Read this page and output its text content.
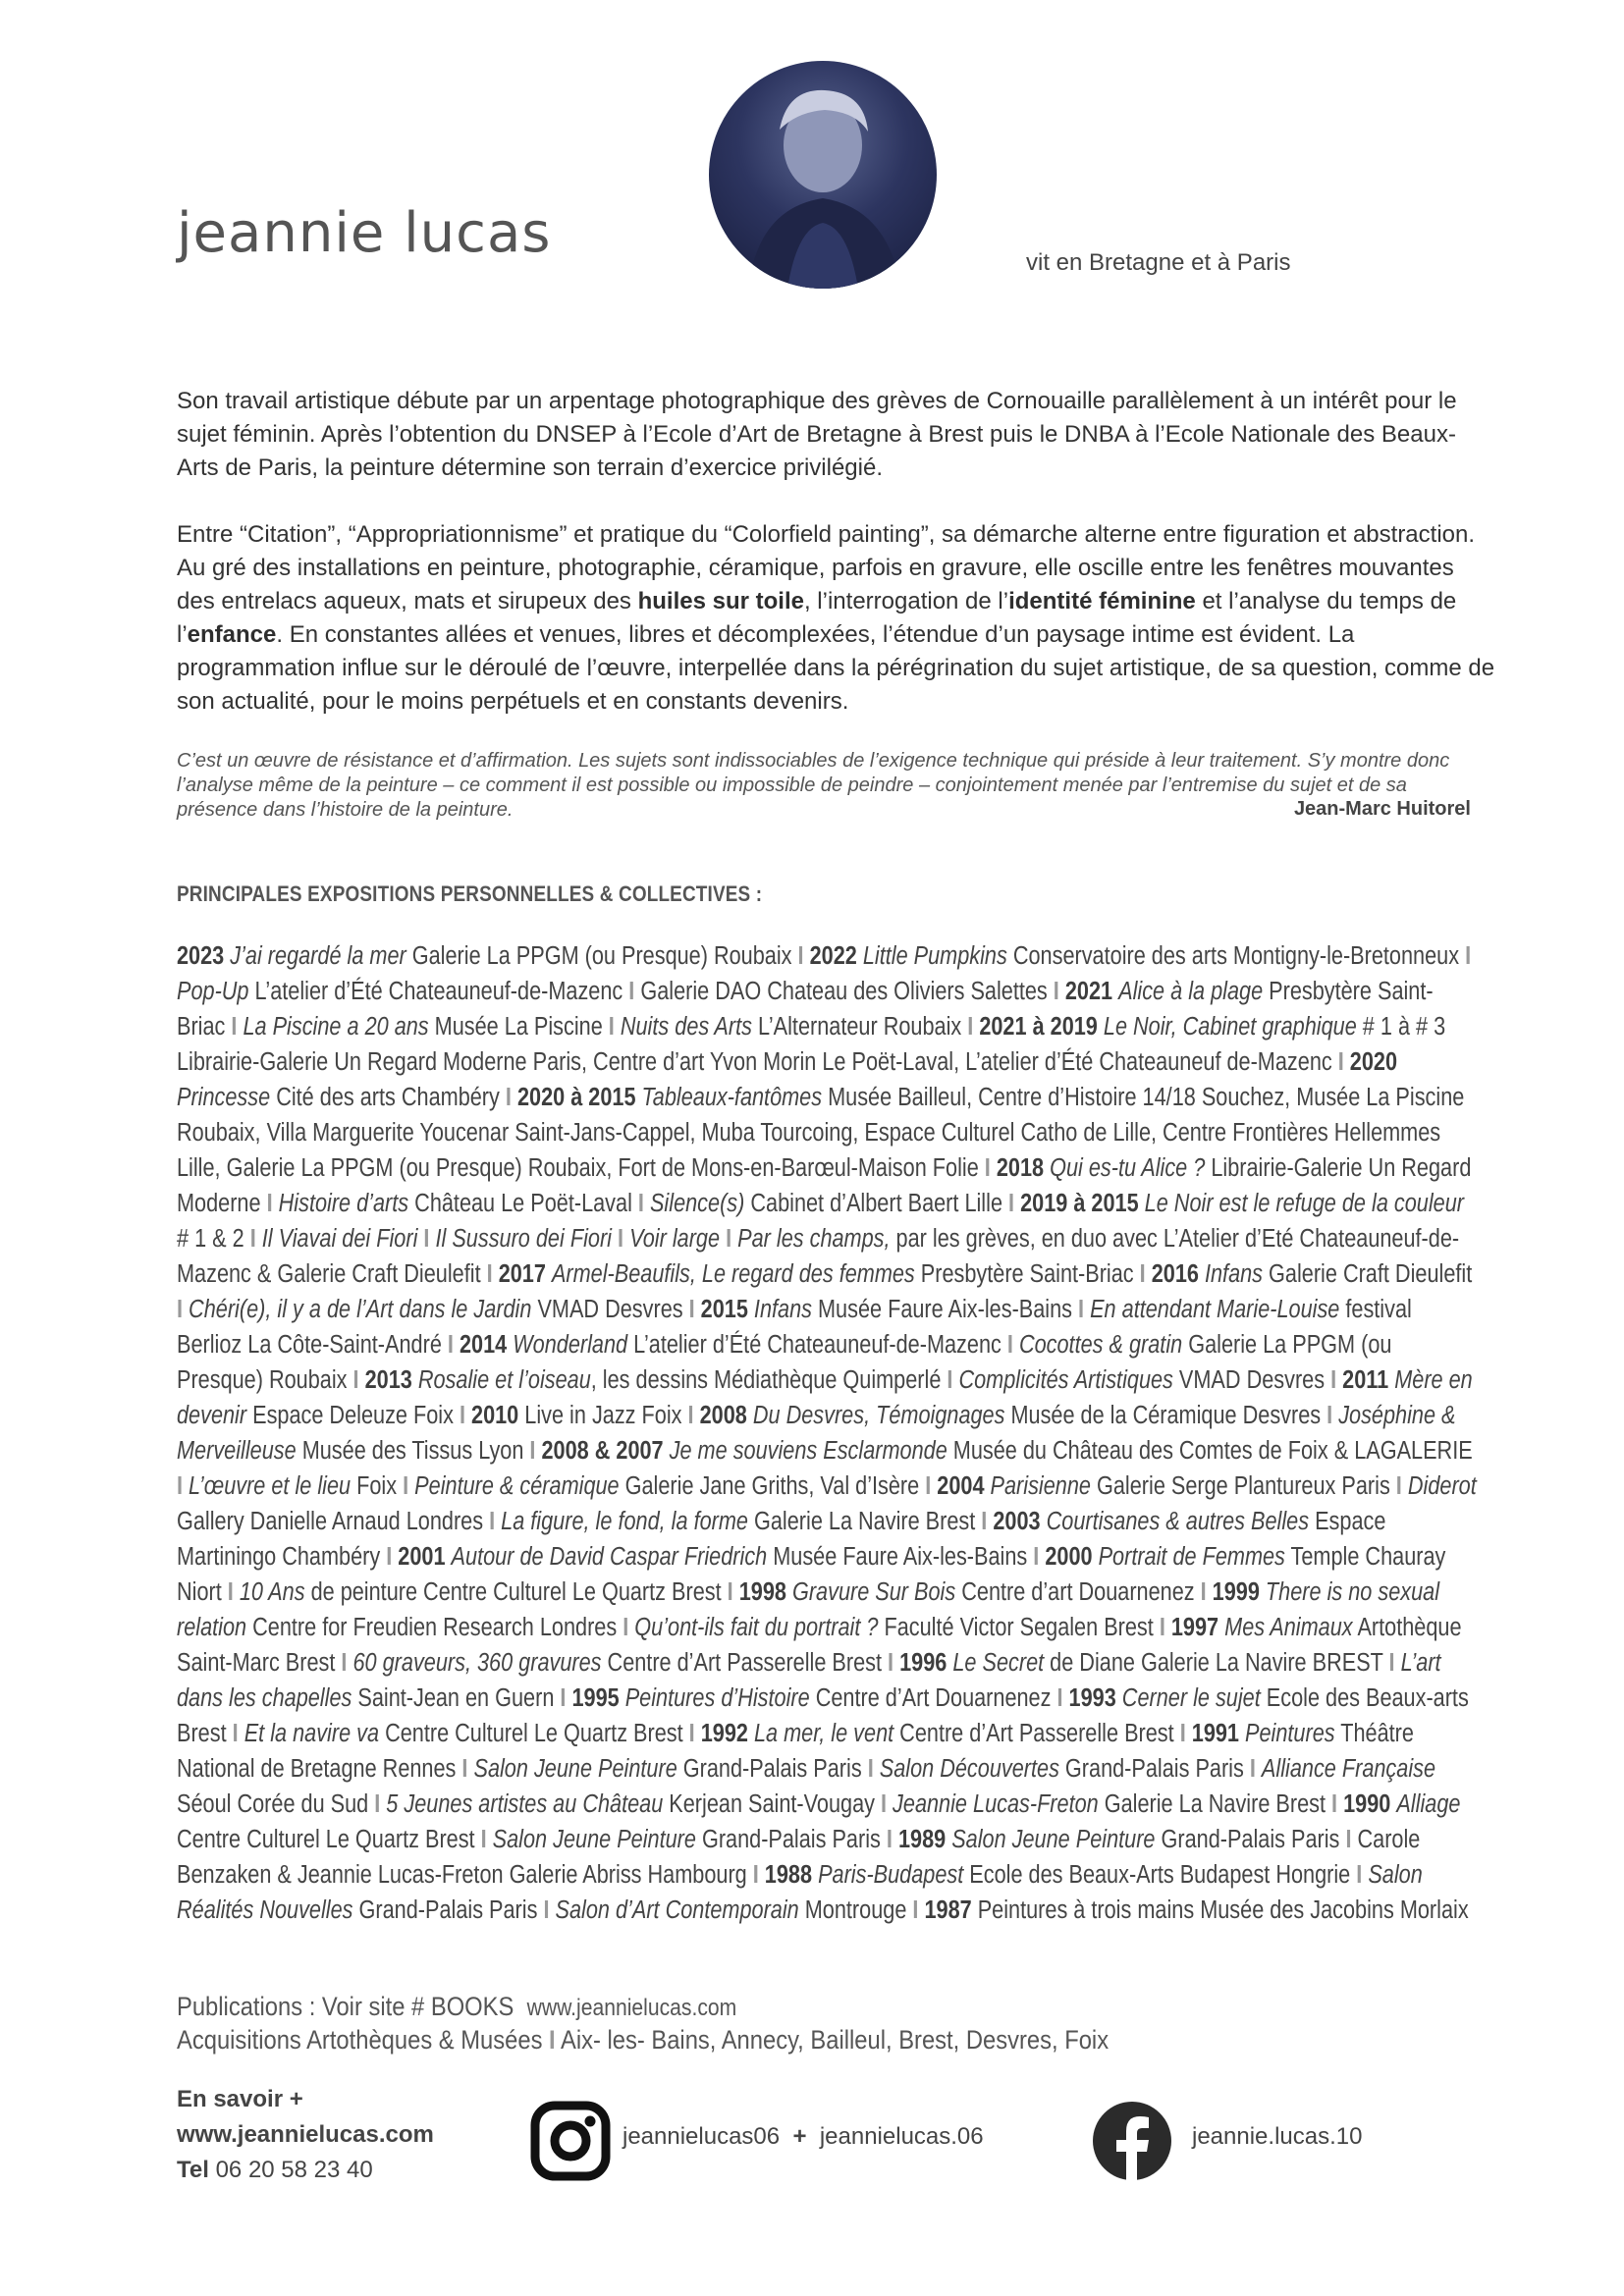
jeannie lucas	vit en Bretagne et à Paris

Son travail artistique débute par un arpentage photographique des grèves de Cornouaille parallèlement à un intérêt pour le sujet féminin. Après l’obtention du DNSEP à l’Ecole d’Art de Bretagne à Brest puis le DNBA à l’Ecole Nationale des Beaux-Arts de Paris, la peinture détermine son terrain d’exercice privilégié.

Entre “Citation”, “Appropriationnisme” et pratique du “Colorfield painting”, sa démarche alterne entre figuration et abstraction. Au gré des installations en peinture, photographie, céramique, parfois en gravure, elle oscille entre les fenêtres mouvantes des entrelacs aqueux, mats et sirupeux des huiles sur toile, l’interrogation de l’identité féminine et l’analyse du temps de l’enfance. En constantes allées et venues, libres et décomplexées, l’étendue d’un paysage intime est évident. La programmation influe sur le déroulé de l’œuvre, interpellée dans la pérégrination du sujet artistique, de sa question, comme de son actualité, pour le moins perpétuels et en constants devenirs.

C’est un œuvre de résistance et d’affirmation. Les sujets sont indissociables de l’exigence technique qui préside à leur traitement. S’y montre donc l’analyse même de la peinture – ce comment il est possible ou impossible de peindre – conjointement menée par l’entremise du sujet et de sa présence dans l’histoire de la peinture.	Jean-Marc Huitorel
PRINCIPALES EXPOSITIONS PERSONNELLES & COLLECTIVES :
2023 J’ai regardé la mer Galerie La PPGM (ou Presque) Roubaix I 2022 Little Pumpkins Conservatoire des arts Montigny-le-Bretonneux I Pop-Up L’atelier d’Été Chateauneuf-de-Mazenc I Galerie DAO Chateau des Oliviers Salettes I 2021 Alice à la plage Presbytère Saint-Briac I La Piscine a 20 ans Musée La Piscine I Nuits des Arts L’Alternateur Roubaix I 2021 à 2019 Le Noir, Cabinet graphique # 1 à # 3 Librairie-Galerie Un Regard Moderne Paris, Centre d’art Yvon Morin Le Poët-Laval, L’atelier d’Été Chateauneuf de-Mazenc I 2020 Princesse Cité des arts Chambéry I 2020 à 2015 Tableaux-fantômes Musée Bailleul, Centre d’Histoire 14/18 Souchez, Musée La Piscine Roubaix, Villa Marguerite Youcenar Saint-Jans-Cappel, Muba Tourcoing, Espace Culturel Catho de Lille, Centre Frontières Hellemmes Lille, Galerie La PPGM (ou Presque) Roubaix, Fort de Mons-en-Barœul-Maison Folie I 2018 Qui es-tu Alice ? Librairie-Galerie Un Regard Moderne I Histoire d’arts Château Le Poët-Laval I Silence(s) Cabinet d’Albert Baert Lille I 2019 à 2015 Le Noir est le refuge de la couleur # 1 & 2 I Il Viavai dei Fiori I Il Sussuro dei Fiori I Voir large I Par les champs, par les grèves, en duo avec L’Atelier d’Eté Chateauneuf-de-Mazenc & Galerie Craft Dieulefit I 2017 Armel-Beaufils, Le regard des femmes Presbytère Saint-Briac I 2016 Infans Galerie Craft Dieulefit I Chéri(e), il y a de l’Art dans le Jardin VMAD Desvres I 2015 Infans Musée Faure Aix-les-Bains I En attendant Marie-Louise festival Berlioz La Côte-Saint-André I 2014 Wonderland L’atelier d’Été Chateauneuf-de-Mazenc I Cocottes & gratin Galerie La PPGM (ou Presque) Roubaix I 2013 Rosalie et l’oiseau, les dessins Médiathèque Quimperlé I Complicités Artistiques VMAD Desvres I 2011 Mère en devenir Espace Deleuze Foix I 2010 Live in Jazz Foix I 2008 Du Desvres, Témoignages Musée de la Céramique Desvres I Joséphine & Merveilleuse Musée des Tissus Lyon I 2008 & 2007 Je me souviens Esclarmonde Musée du Château des Comtes de Foix & LAGALERIE I L’œuvre et le lieu Foix I Peinture & céramique Galerie Jane Griths, Val d’Isère I 2004 Parisienne Galerie Serge Plantureux Paris I Diderot Gallery Danielle Arnaud Londres I La figure, le fond, la forme Galerie La Navire Brest I 2003 Courtisanes & autres Belles Espace Martiningo Chambéry I 2001 Autour de David Caspar Friedrich Musée Faure Aix-les-Bains I 2000 Portrait de Femmes Temple Chauray Niort I 10 Ans de peinture Centre Culturel Le Quartz Brest I 1998 Gravure Sur Bois Centre d’art Douarnenez I 1999 There is no sexual relation Centre for Freudien Research Londres I Qu’ont-ils fait du portrait ? Faculté Victor Segalen Brest I 1997 Mes Animaux Artothèque Saint-Marc Brest I 60 graveurs, 360 gravures Centre d’Art Passerelle Brest I 1996 Le Secret de Diane Galerie La Navire BREST I L’art dans les chapelles Saint-Jean en Guern I 1995 Peintures d’Histoire Centre d’Art Douarnenez I 1993 Cerner le sujet Ecole des Beaux-arts Brest I Et la navire va Centre Culturel Le Quartz Brest I 1992 La mer, le vent Centre d’Art Passerelle Brest I 1991 Peintures Théâtre National de Bretagne Rennes I Salon Jeune Peinture Grand-Palais Paris I Salon Découvertes Grand-Palais Paris I Alliance Française Séoul Corée du Sud I 5 Jeunes artistes au Château Kerjean Saint-Vougay I Jeannie Lucas-Freton Galerie La Navire Brest I 1990 Alliage Centre Culturel Le Quartz Brest I Salon Jeune Peinture Grand-Palais Paris I 1989 Salon Jeune Peinture Grand-Palais Paris I Carole Benzaken & Jeannie Lucas-Freton Galerie Abriss Hambourg I 1988 Paris-Budapest Ecole des Beaux-Arts Budapest Hongrie I Salon Réalités Nouvelles Grand-Palais Paris I Salon d’Art Contemporain Montrouge I 1987 Peintures à trois mains Musée des Jacobins Morlaix
Publications : Voir site # BOOKS www.jeannielucas.com
Acquisitions Artothèques & Musées I Aix- les- Bains, Annecy, Bailleul, Brest, Desvres, Foix
En savoir +
www.jeannielucas.com
Tel 06 20 58 23 40
jeannielucas06 + jeannielucas.06	jeannie.lucas.10
